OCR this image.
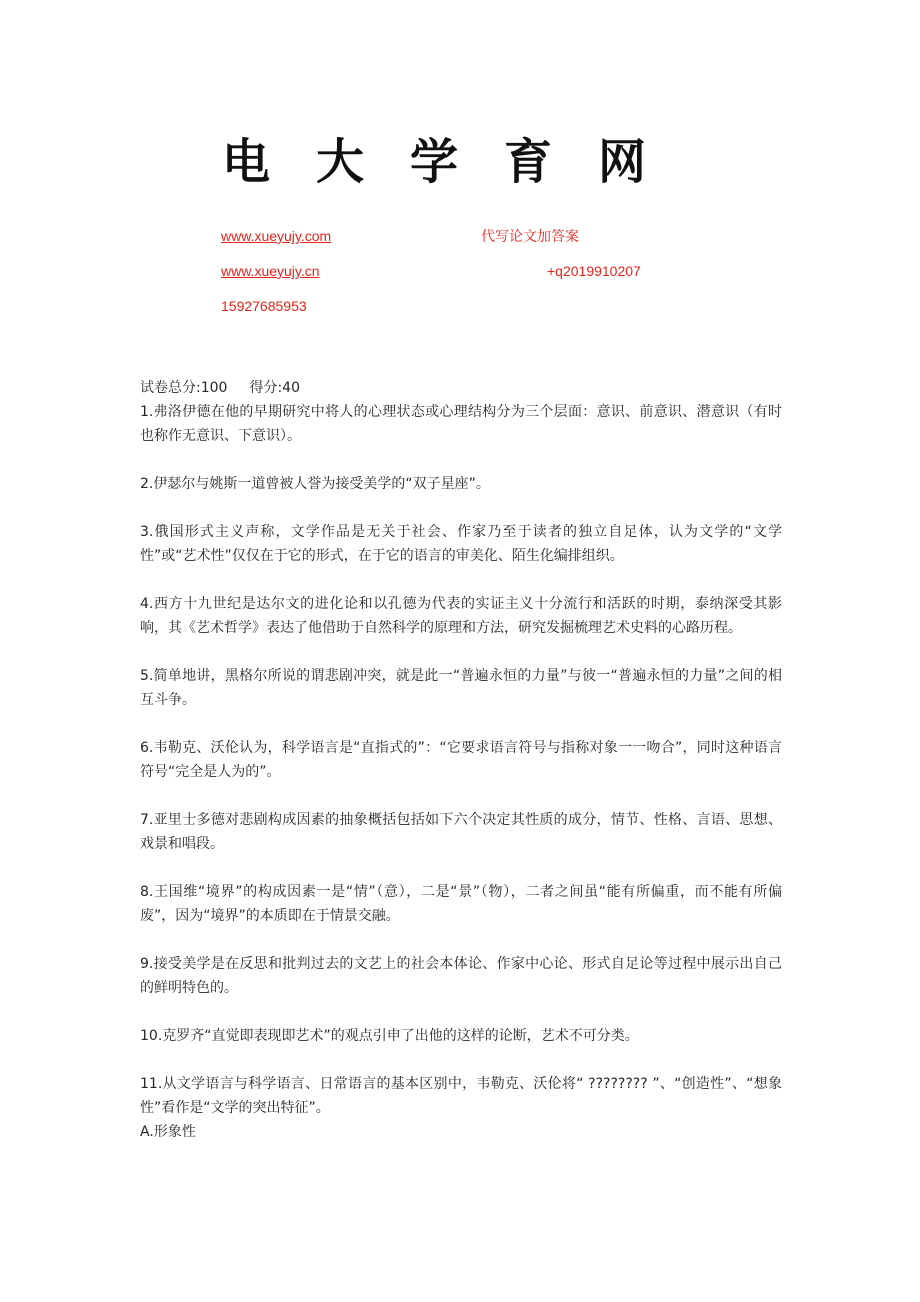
电大学育网
www.xueyujy.com	代写论文加答案
www.xueyujy.cn	+q2019910207
15927685953

试卷总分:100 得分:40

1.弗洛伊德在他的早期研究中将人的心理状态或心理结构分为三个层面：意识、前意识、潜意识（有时也称作无意识、下意识）。

2.伊瑟尔与姚斯一道曾被人誉为接受美学的“双子星座”。

3.俄国形式主义声称，文学作品是无关于社会、作家乃至于读者的独立自足体，认为文学的“文学性”或“艺术性”仅仅在于它的形式，在于它的语言的审美化、陌生化编排组织。

4.西方十九世纪是达尔文的进化论和以孔德为代表的实证主义十分流行和活跃的时期，泰纳深受其影响，其《艺术哲学》表达了他借助于自然科学的原理和方法，研究发掘梳理艺术史料的心路历程。

5.简单地讲，黑格尔所说的谓悲剧冲突，就是此一“普遍永恒的力量”与彼一“普遍永恒的力量”之间的相互斗争。

6.韦勒克、沃伦认为，科学语言是“直指式的”：“它要求语言符号与指称对象一一吻合”，同时这种语言符号“完全是人为的”。

7.亚里士多德对悲剧构成因素的抽象概括包括如下六个决定其性质的成分，情节、性格、言语、思想、戏景和唱段。

8.王国维“境界”的构成因素一是“情”（意），二是“景”（物），二者之间虽“能有所偏重，而不能有所偏废”，因为“境界”的本质即在于情景交融。

9.接受美学是在反思和批判过去的文艺上的社会本体论、作家中心论、形式自足论等过程中展示出自己的鲜明特色的。

10.克罗齐“直觉即表现即艺术”的观点引申了出他的这样的论断，艺术不可分类。

11.从文学语言与科学语言、日常语言的基本区别中，韦勒克、沃伦将“ ???????? ”、“创造性”、“想象性”看作是“文学的突出特征”。

A.形象性
